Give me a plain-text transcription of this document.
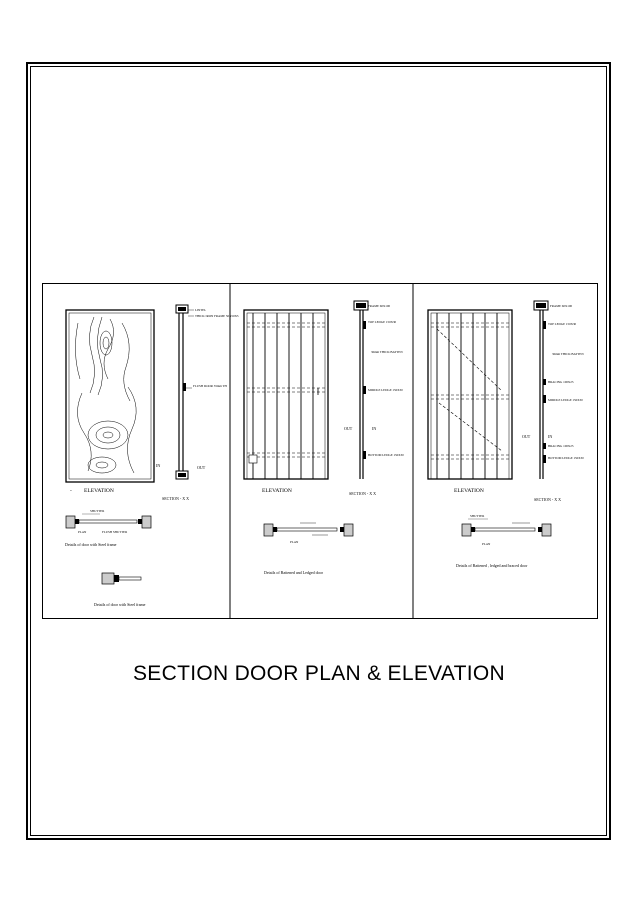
- ELEVATION
IN
LINTEL
THICK IRON FRAME 50X50X5
FLUSH DOOR 35mm TH
OUT
SECTION - X X
SHUTTER
PLAN	FLUSH SHUTTER
Details of door with Steel frame
Details of door with Steel frame
ELEVATION
FRAME 60X100
TOP LEDGE 150X30
30mm THICK BATTEN
MIDDLE LEDGE 150X30
BOTTOM LEDGE 150X30
OUT	IN
SECTION - X X
PLAN
Details of Battened and Ledged door
ELEVATION
FRAME 60X100
TOP LEDGE 150X30
30mm THICK BATTEN
BRACING 100X25
MIDDLE LEDGE 150X30
BRACING 100X25
BOTTOM LEDGE 150X30
OUT	IN
SECTION - X X
SHUTTER
PLAN
Details of Battened , ledged and braced door
SECTION DOOR PLAN & ELEVATION
